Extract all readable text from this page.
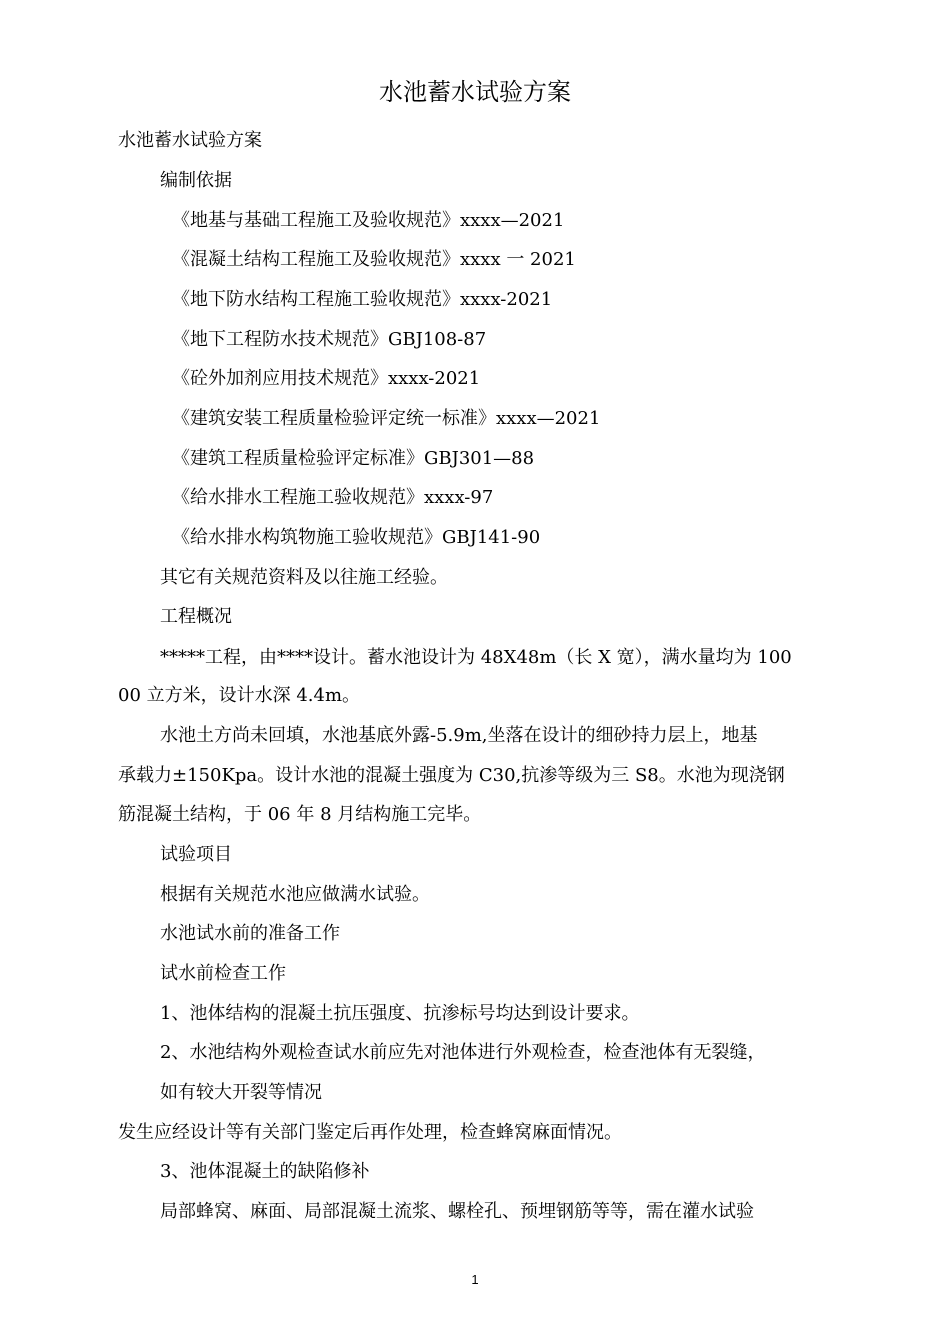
水池蓄水试验方案
水池蓄水试验方案
编制依据
《地基与基础工程施工及验收规范》xxxx—2021
《混凝土结构工程施工及验收规范》xxxx 一 2021
《地下防水结构工程施工验收规范》xxxx-2021
《地下工程防水技术规范》GBJ108-87
《砼外加剂应用技术规范》xxxx-2021
《建筑安装工程质量检验评定统一标准》xxxx—2021
《建筑工程质量检验评定标准》GBJ301—88
《给水排水工程施工验收规范》xxxx-97
《给水排水构筑物施工验收规范》GBJ141-90
其它有关规范资料及以往施工经验。
工程概况
*****工程，由****设计。蓄水池设计为 48X48m（长 X 宽），满水量均为 100
00 立方米，设计水深 4.4m。
水池土方尚未回填，水池基底外露-5.9m,坐落在设计的细砂持力层上，地基
承载力±150Kpa。设计水池的混凝土强度为 C30,抗渗等级为三 S8。水池为现浇钢
筋混凝土结构，于 06 年 8 月结构施工完毕。
试验项目
根据有关规范水池应做满水试验。
水池试水前的准备工作
试水前检查工作
1、池体结构的混凝土抗压强度、抗渗标号均达到设计要求。
2、水池结构外观检查试水前应先对池体进行外观检查，检查池体有无裂缝，
如有较大开裂等情况
发生应经设计等有关部门鉴定后再作处理，检查蜂窝麻面情况。
3、池体混凝土的缺陷修补
局部蜂窝、麻面、局部混凝土流浆、螺栓孔、预埋钢筋等等，需在灌水试验
1
